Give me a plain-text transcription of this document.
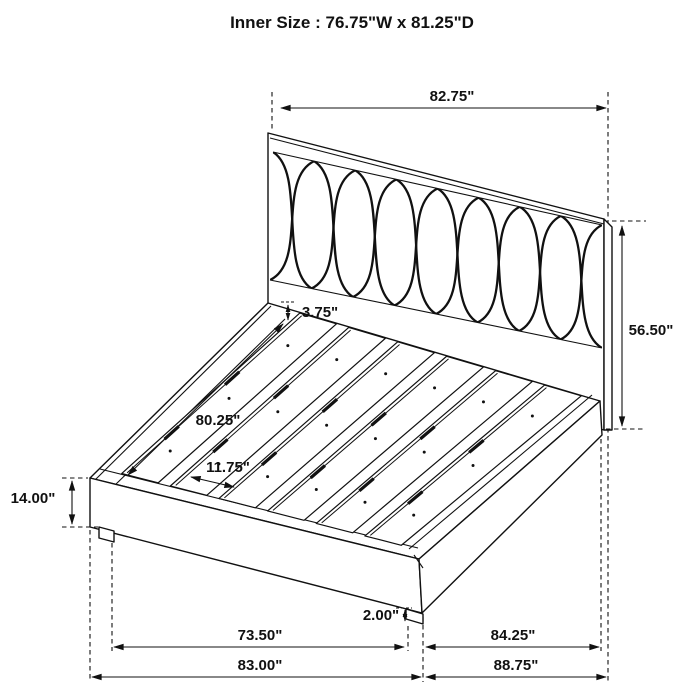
82.75"
56.50"
3.75"
80.25"
11.75"
14.00"
2.00"
73.50"	84.25"
83.00"	88.75"
Inner Size : 76.75"W x 81.25"D
